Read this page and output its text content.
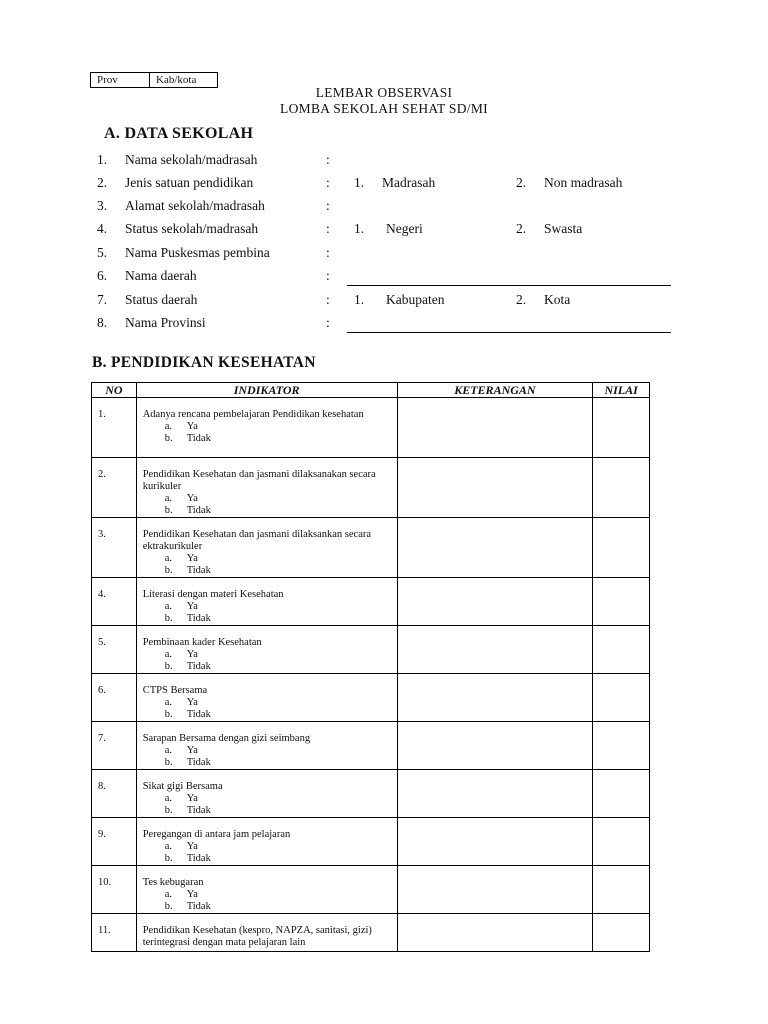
Prov	Kab/kota
LEMBAR OBSERVASI
LOMBA SEKOLAH SEHAT SD/MI
A. DATA SEKOLAH
1. Nama sekolah/madrasah	:
2. Jenis satuan pendidikan	: 1. Madrasah	2. Non madrasah
3. Alamat sekolah/madrasah	:
4. Status sekolah/madrasah	: 1. Negeri	2. Swasta
5. Nama Puskesmas pembina	:
6. Nama daerah	:
7. Status daerah	: 1. Kabupaten	2. Kota
8. Nama Provinsi	:
B. PENDIDIKAN KESEHATAN
NO	INDIKATOR	KETERANGAN	NILAI

1.	Adanya rencana pembelajaran Pendidikan kesehatan
a. Ya
b. Tidak		

2.	Pendidikan Kesehatan dan jasmani dilaksanakan secara kurikuler
a. Ya
b. Tidak		

3.	Pendidikan Kesehatan dan jasmani dilaksankan secara ektrakurikuler
a. Ya
b. Tidak		

4.	Literasi dengan materi Kesehatan
a. Ya
b. Tidak		

5.	Pembinaan kader Kesehatan
a. Ya
b. Tidak		

6.	CTPS Bersama
a. Ya
b. Tidak		

7.	Sarapan Bersama dengan gizi seimbang
a. Ya
b. Tidak		

8.	Sikat gigi Bersama
a. Ya
b. Tidak		

9.	Peregangan di antara jam pelajaran
a. Ya
b. Tidak		

10.	Tes kebugaran
a. Ya
b. Tidak		

11.	Pendidikan Kesehatan (kespro, NAPZA, sanitasi, gizi) terintegrasi dengan mata pelajaran lain		
